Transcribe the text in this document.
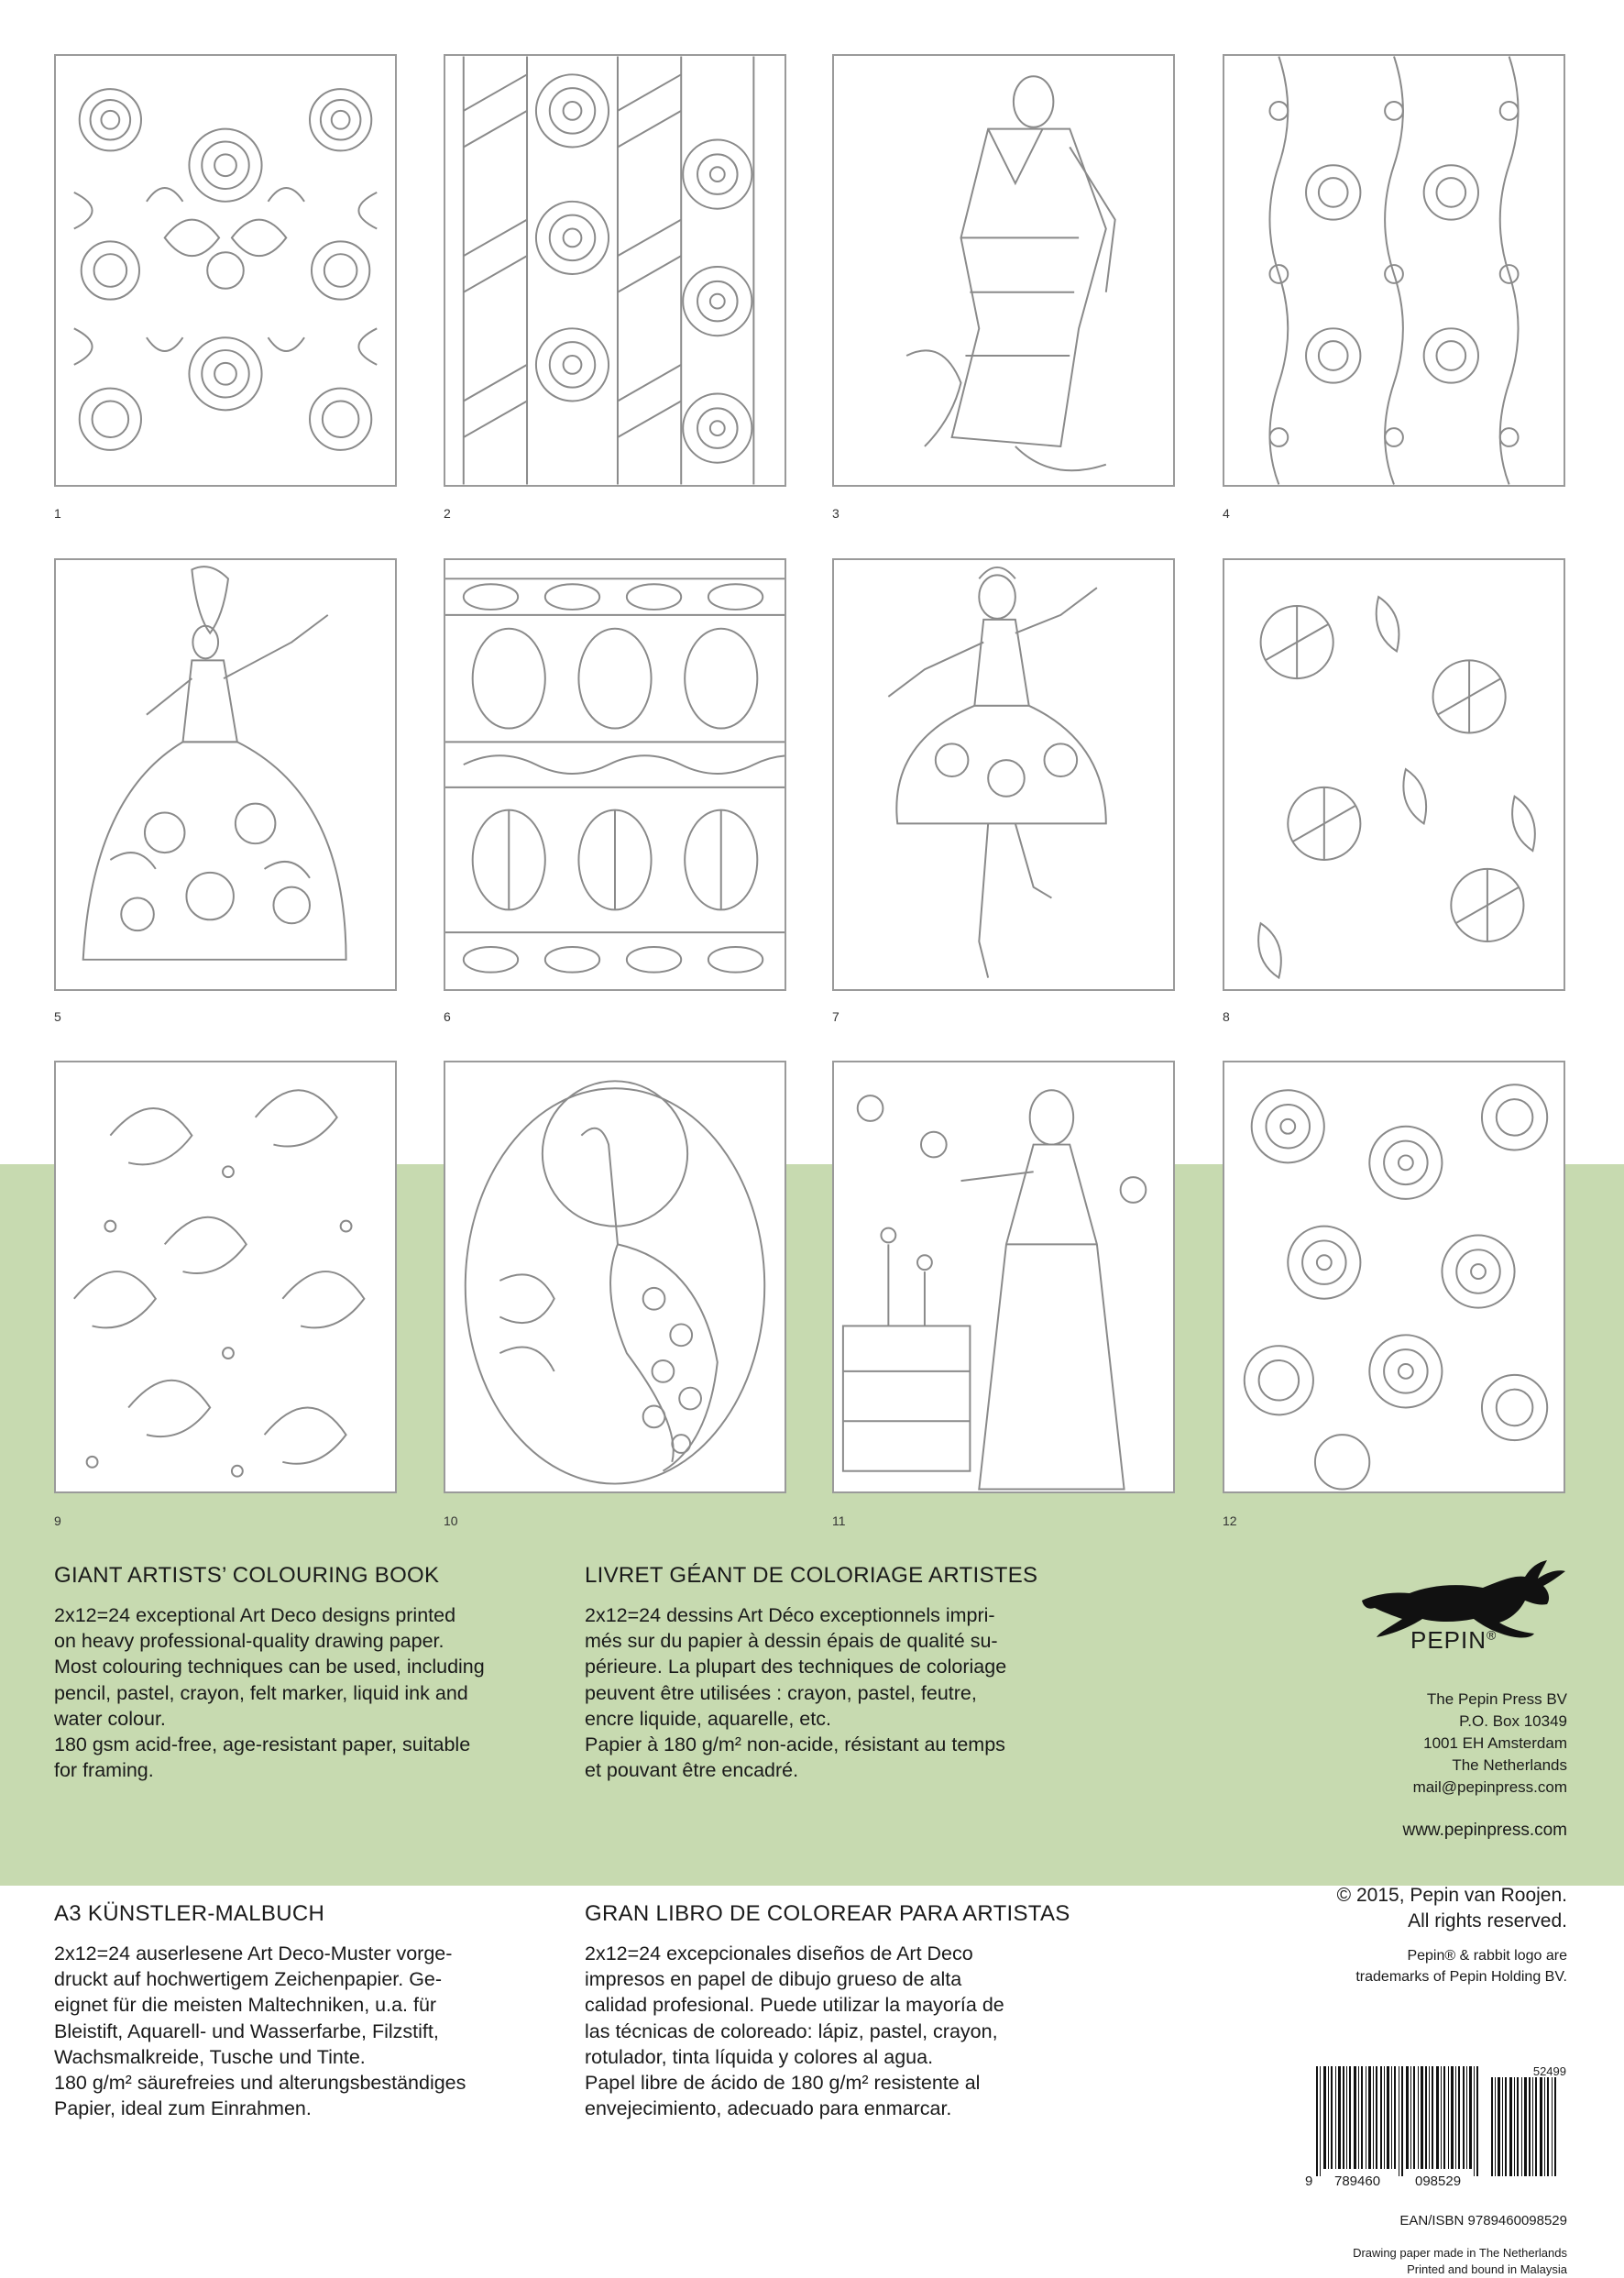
1	2	3	4
5	6	7	8
9	10	11	12
GIANT ARTISTS’ COLOURING BOOK
2x12=24 exceptional Art Deco designs printed
on heavy professional-quality drawing paper.
Most colouring techniques can be used, including
pencil, pastel, crayon, felt marker, liquid ink and
water colour.
180 gsm acid-free, age-resistant paper, suitable
for framing.
LIVRET GÉANT DE COLORIAGE ARTISTES
2x12=24 dessins Art Déco exceptionnels impri-
més sur du papier à dessin épais de qualité su-
périeure. La plupart des techniques de coloriage
peuvent être utilisées : crayon, pastel, feutre,
encre liquide, aquarelle, etc.
Papier à 180 g/m² non-acide, résistant au temps
et pouvant être encadré.
A3 KÜNSTLER-MALBUCH
2x12=24 auserlesene Art Deco-Muster vorge-
druckt auf hochwertigem Zeichenpapier. Ge-
eignet für die meisten Maltechniken, u.a. für
Bleistift, Aquarell- und Wasserfarbe, Filzstift,
Wachsmalkreide, Tusche und Tinte.
180 g/m² säurefreies und alterungsbeständiges
Papier, ideal zum Einrahmen.
GRAN LIBRO DE COLOREAR PARA ARTISTAS
2x12=24 excepcionales diseños de Art Deco
impresos en papel de dibujo grueso de alta
calidad profesional. Puede utilizar la mayoría de
las técnicas de coloreado: lápiz, pastel, crayon,
rotulador, tinta líquida y colores al agua.
Papel libre de ácido de 180 g/m² resistente al
envejecimiento, adecuado para enmarcar.
PEPIN®
The Pepin Press BV
P.O. Box 10349
1001 EH Amsterdam
The Netherlands
mail@pepinpress.com
www.pepinpress.com
© 2015, Pepin van Roojen.
All rights reserved.
Pepin® & rabbit logo are
trademarks of Pepin Holding BV.
52499
9 789460	098529
EAN/ISBN 9789460098529
Drawing paper made in The Netherlands
Printed and bound in Malaysia
